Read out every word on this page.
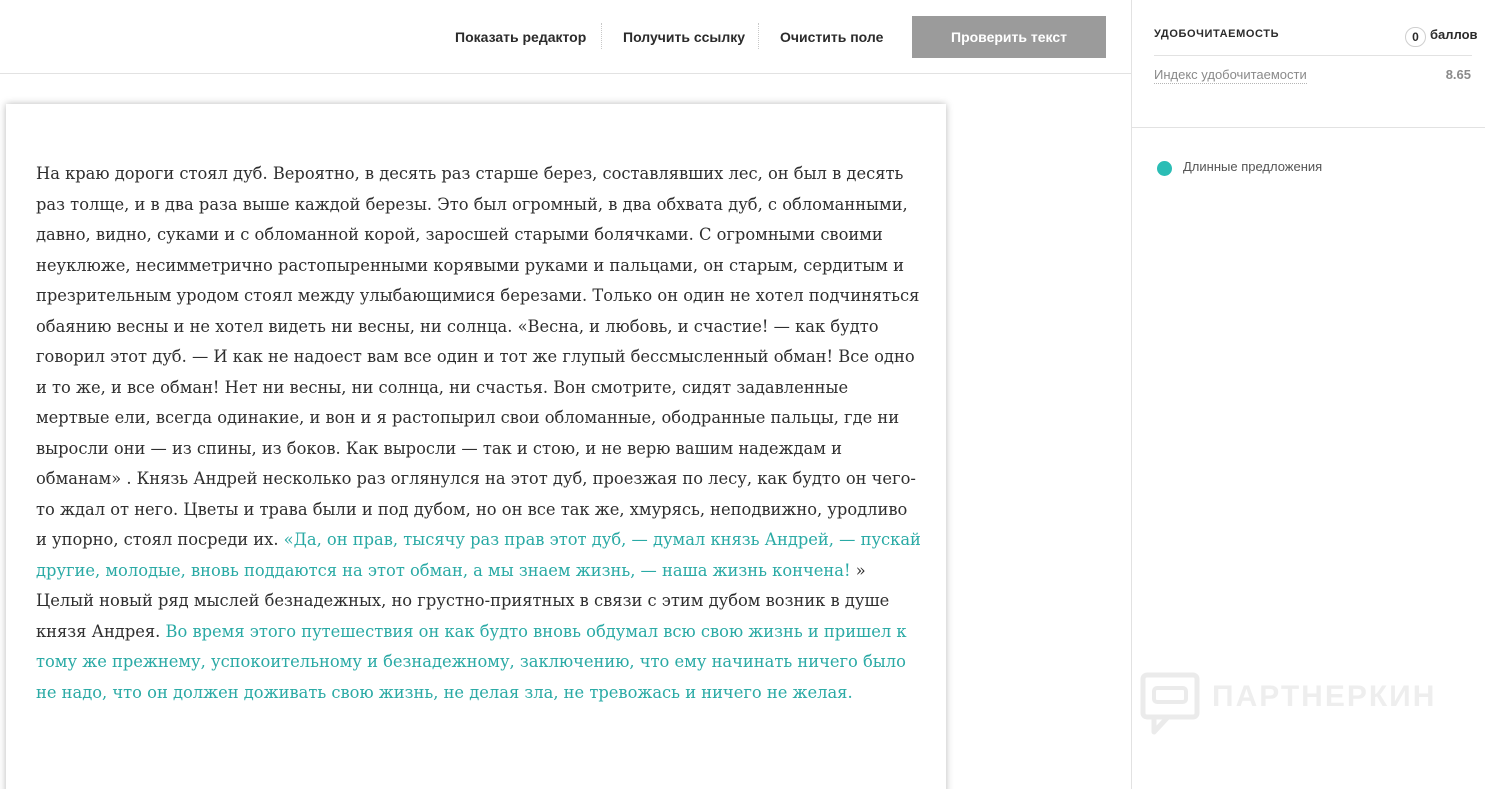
Показать редактор	Получить ссылку Очистить поле	Проверить текст
На краю дороги стоял дуб. Вероятно, в десять раз старше берез, составлявших лес, он был в десять раз толще, и в два раза выше каждой березы. Это был огромный, в два обхвата дуб, с обломанными, давно, видно, суками и с обломанной корой, заросшей старыми болячками. С огромными своими неуклюже, несимметрично растопыренными корявыми руками и пальцами, он старым, сердитым и презрительным уродом стоял между улыбающимися березами. Только он один не хотел подчиняться обаянию весны и не хотел видеть ни весны, ни солнца. «Весна, и любовь, и счастие! — как будто говорил этот дуб. — И как не надоест вам все один и тот же глупый бессмысленный обман! Все одно и то же, и все обман! Нет ни весны, ни солнца, ни счастья. Вон смотрите, сидят задавленные мертвые ели, всегда одинакие, и вон и я растопырил свои обломанные, ободранные пальцы, где ни выросли они — из спины, из боков. Как выросли — так и стою, и не верю вашим надеждам и обманам» . Князь Андрей несколько раз оглянулся на этот дуб, проезжая по лесу, как будто он чего-то ждал от него. Цветы и трава были и под дубом, но он все так же, хмурясь, неподвижно, уродливо и упорно, стоял посреди их. «Да, он прав, тысячу раз прав этот дуб, — думал князь Андрей, — пускай другие, молодые, вновь поддаются на этот обман, а мы знаем жизнь, — наша жизнь кончена! » Целый новый ряд мыслей безнадежных, но грустно-приятных в связи с этим дубом возник в душе князя Андрея. Во время этого путешествия он как будто вновь обдумал всю свою жизнь и пришел к тому же прежнему, успокоительному и безнадежному, заключению, что ему начинать ничего было не надо, что он должен доживать свою жизнь, не делая зла, не тревожась и ничего не желая.
УДОБОЧИТАЕМОСТЬ	0 баллов
Индекс удобочитаемости	8.65
Длинные предложения
ПАРТНЕРКИН
